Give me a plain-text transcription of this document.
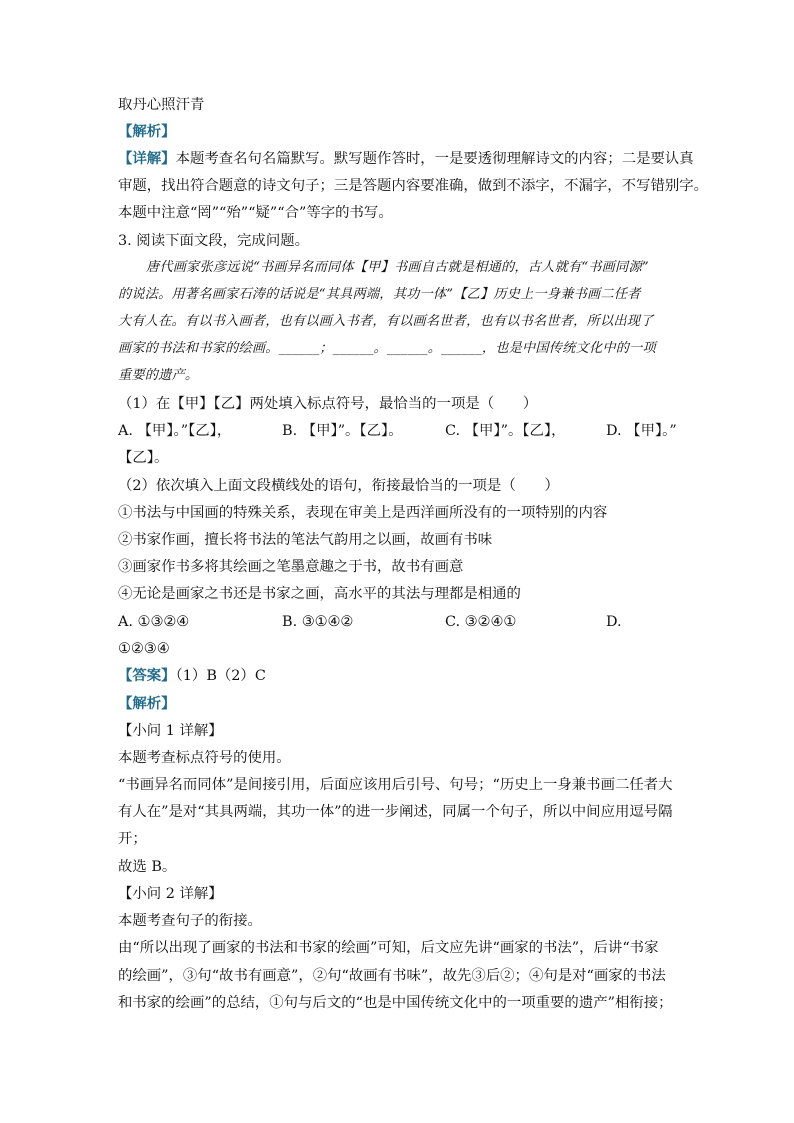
取丹心照汗青
【解析】
【详解】本题考查名句名篇默写。默写题作答时，一是要透彻理解诗文的内容；二是要认真
审题，找出符合题意的诗文句子；三是答题内容要准确，做到不添字，不漏字，不写错别字。
本题中注意“罔”“殆”“疑”“合”等字的书写。
3. 阅读下面文段，完成问题。
唐代画家张彦远说“书画异名而同体【甲】书画自古就是相通的，古人就有“书画同源”
的说法。用著名画家石涛的话说是“其具两端，其功一体”【乙】历史上一身兼书画二任者
大有人在。有以书入画者，也有以画入书者，有以画名世者，也有以书名世者，所以出现了
画家的书法和书家的绘画。______；______。______。______，也是中国传统文化中的一项
重要的遗产。
（1）在【甲】【乙】两处填入标点符号，最恰当的一项是（　　）
A. 【甲】。”【乙】，	B. 【甲】”。【乙】。	C. 【甲】”。【乙】，	D. 【甲】。”
【乙】。
（2）依次填入上面文段横线处的语句，衔接最恰当的一项是（　　）
①书法与中国画的特殊关系，表现在审美上是西洋画所没有的一项特别的内容
②书家作画，擅长将书法的笔法气韵用之以画，故画有书味
③画家作书多将其绘画之笔墨意趣之于书，故书有画意
④无论是画家之书还是书家之画，高水平的其法与理都是相通的
A. ①③②④	B. ③①④②	C. ③②④①	D.
①②③④
【答案】（1）B（2）C
【解析】
【小问 1 详解】
本题考查标点符号的使用。
“书画异名而同体”是间接引用，后面应该用后引号、句号；“历史上一身兼书画二任者大
有人在”是对“其具两端，其功一体”的进一步阐述，同属一个句子，所以中间应用逗号隔
开；
故选 B。
【小问 2 详解】
本题考查句子的衔接。
由“所以出现了画家的书法和书家的绘画”可知，后文应先讲“画家的书法”，后讲“书家
的绘画”，③句“故书有画意”，②句“故画有书味”，故先③后②；④句是对“画家的书法
和书家的绘画”的总结，①句与后文的“也是中国传统文化中的一项重要的遗产”相衔接；
